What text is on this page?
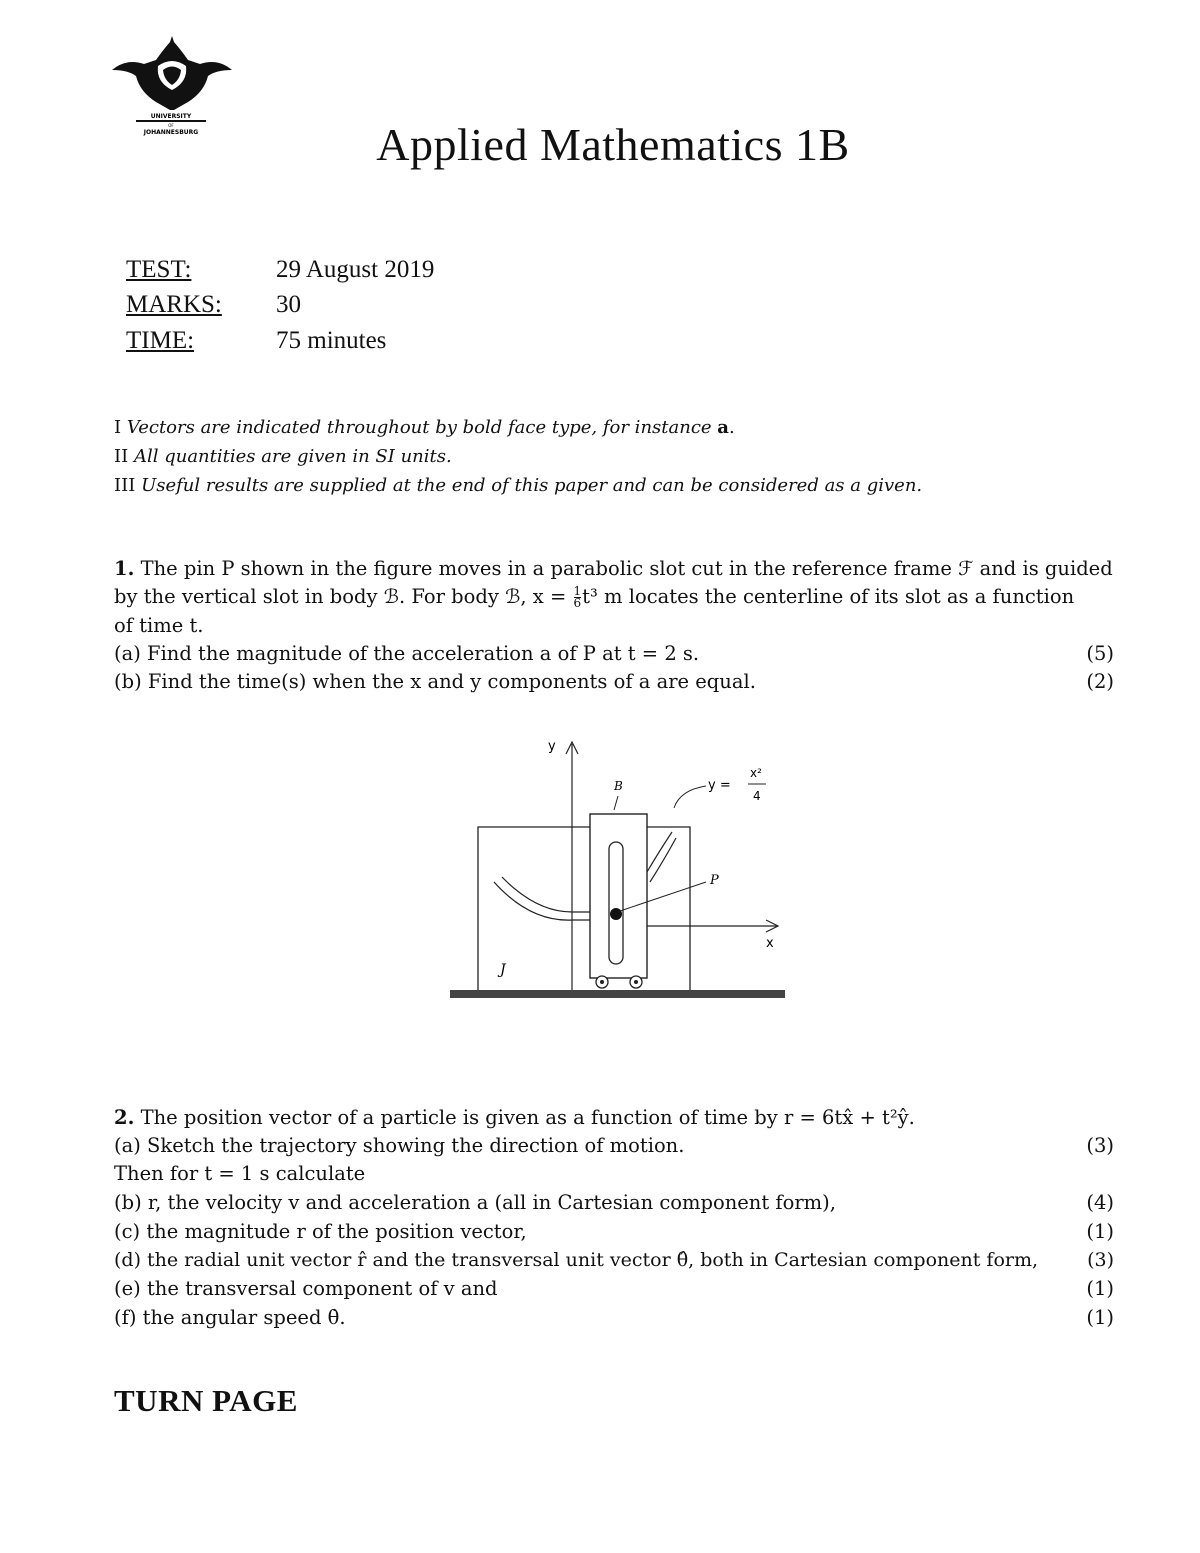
UNIVERSITY
OF
JOHANNESBURG	Applied Mathematics 1B
TEST:	29 August 2019
MARKS: 30
TIME:	75 minutes
I Vectors are indicated throughout by bold face type, for instance a.
II All quantities are given in SI units.
III Useful results are supplied at the end of this paper and can be considered as a given.
1. The pin P shown in the figure moves in a parabolic slot cut in the reference frame ℱ and is guided
by the vertical slot in body ℬ. For body ℬ, $x = \frac{1}{6} t^3$ m locates the centerline of its slot as a function
of time t.
(a) Find the magnitude of the acceleration a of P at t = 2 s.	(5)
(b) Find the time(s) when the x and y components of a are equal.	(2)
y
x
P
B	y =
x²
4
J
2. The position vector of a particle is given as a function of time by r = 6tx̂ + t²ŷ.
(a) Sketch the trajectory showing the direction of motion.	(3)
Then for t = 1 s calculate
(b) r, the velocity v and acceleration a (all in Cartesian component form),	(4)
(c) the magnitude r of the position vector,	(1)
(d) the radial unit vector r̂ and the transversal unit vector θ̂, both in Cartesian component form,	(3)
(e) the transversal component of v and	(1)
(f) the angular speed θ̇.	(1)
TURN PAGE
